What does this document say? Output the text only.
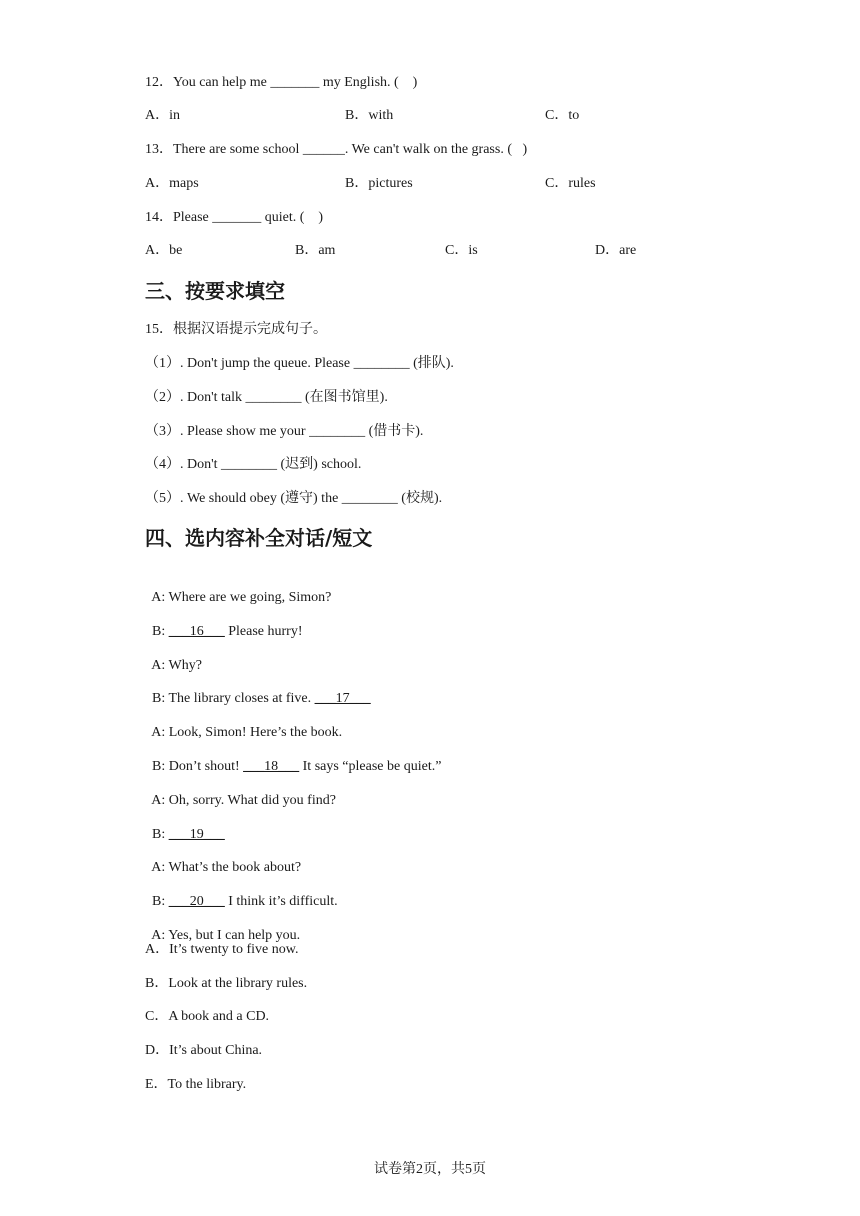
12．You can help me _______ my English. (    )
A．in	B．with	C．to
13．There are some school ______. We can't walk on the grass. (   )
A．maps	B．pictures	C．rules
14．Please _______ quiet. (    )
A．be	B．am	C．is	D．are
三、按要求填空
15．根据汉语提示完成句子。
（1）. Don't jump the queue. Please ________ (排队).
（2）. Don't talk ________ (在图书馆里).
（3）. Please show me your ________ (借书卡).
（4）. Don't ________ (迟到) school.
（5）. We should obey (遵守) the ________ (校规).
四、选内容补全对话/短文

A: Where are we going, Simon?

B: ___16___ Please hurry!

A: Why?

B: The library closes at five. ___17___

A: Look, Simon! Here’s the book.

B: Don’t shout! ___18___ It says “please be quiet.”

A: Oh, sorry. What did you find?

B: ___19___

A: What’s the book about?

B: ___20___ I think it’s difficult.

A: Yes, but I can help you.

A．It’s twenty to five now.
B．Look at the library rules.
C．A book and a CD.
D．It’s about China.
E．To the library.
试卷第2页，共5页
